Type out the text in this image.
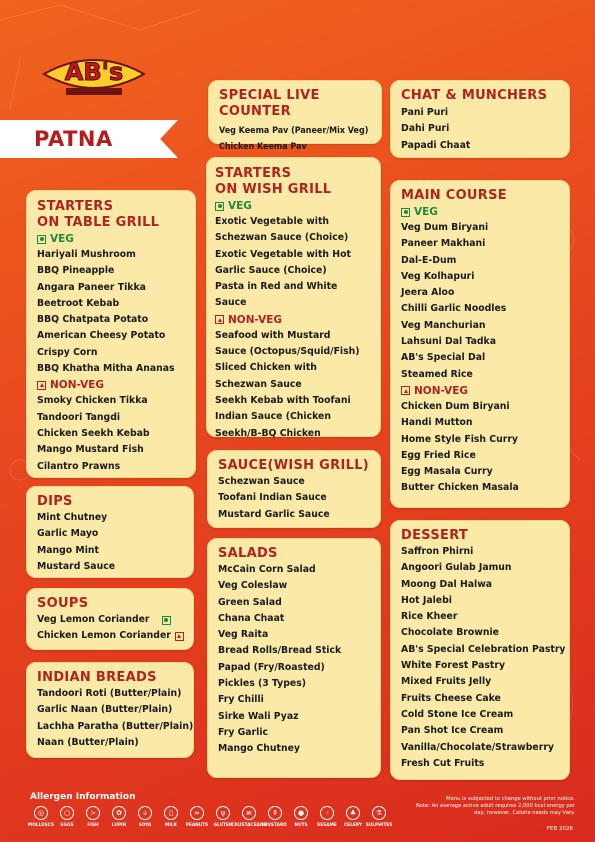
AB's
PATNA
SPECIAL LIVE COUNTER
Veg Keema Pav (Paneer/Mix Veg)
Chicken Keema Pav
CHAT & MUNCHERS
Pani Puri
Dahi Puri
Papadi Chaat
STARTERS
ON TABLE GRILL
VEG
Hariyali Mushroom
BBQ Pineapple
Angara Paneer Tikka
Beetroot Kebab
BBQ Chatpata Potato
American Cheesy Potato
Crispy Corn
BBQ Khatha Mitha Ananas
NON-VEG
Smoky Chicken Tikka
Tandoori Tangdi
Chicken Seekh Kebab
Mango Mustard Fish
Cilantro Prawns
STARTERS
ON WISH GRILL
VEG
Exotic Vegetable with Schezwan Sauce (Choice)
Exotic Vegetable with Hot Garlic Sauce (Choice)
Pasta in Red and White Sauce
NON-VEG
Seafood with Mustard Sauce (Octopus/Squid/Fish)
Sliced Chicken with Schezwan Sauce
Seekh Kebab with Toofani Indian Sauce (Chicken Seekh/B-BQ Chicken
MAIN COURSE
VEG
Veg Dum Biryani
Paneer Makhani
Dal-E-Dum
Veg Kolhapuri
Jeera Aloo
Chilli Garlic Noodles
Veg Manchurian
Lahsuni Dal Tadka
AB's Special Dal
Steamed Rice
NON-VEG
Chicken Dum Biryani
Handi Mutton
Home Style Fish Curry
Egg Fried Rice
Egg Masala Curry
Butter Chicken Masala
DIPS
Mint Chutney
Garlic Mayo
Mango Mint
Mustard Sauce
SAUCE(WISH GRILL)
Schezwan Sauce
Toofani Indian Sauce
Mustard Garlic Sauce
SOUPS
Veg Lemon Coriander
Chicken Lemon Coriander
SALADS
McCain Corn Salad
Veg Coleslaw
Green Salad
Chana Chaat
Veg Raita
Bread Rolls/Bread Stick
Papad (Fry/Roasted)
Pickles (3 Types)
Fry Chilli
Sirke Wali Pyaz
Fry Garlic
Mango Chutney
DESSERT
Saffron Phirni
Angoori Gulab Jamun
Moong Dal Halwa
Hot Jalebi
Rice Kheer
Chocolate Brownie
AB's Special Celebration Pastry
White Forest Pastry
Mixed Fruits Jelly
Fruits Cheese Cake
Cold Stone Ice Cream
Pan Shot Ice Cream
Vanilla/Chocolate/Strawberry
Fresh Cut Fruits
INDIAN BREADS
Tandoori Roti (Butter/Plain)
Garlic Naan (Butter/Plain)
Lachha Paratha (Butter/Plain)
Naan (Butter/Plain)
Allergen Information
◎
MOLLUSCS
○
EGGS
≻
FISH
✿
LUPIN
ა
SOYA
▯
MILK
∞
PEANUTS
ψ
GLUTEN
ж
CRUSTACEANS
⚱
MUSTARD
●
NUTS
⁖
SESAME
♣
CELERY
⚗
SULPHITES
Menu is subjected to change without prior notice.
Note: An average active adult requires 2,000 kcal energy per day, however, Calorie needs may Vary.
FEB 2026
